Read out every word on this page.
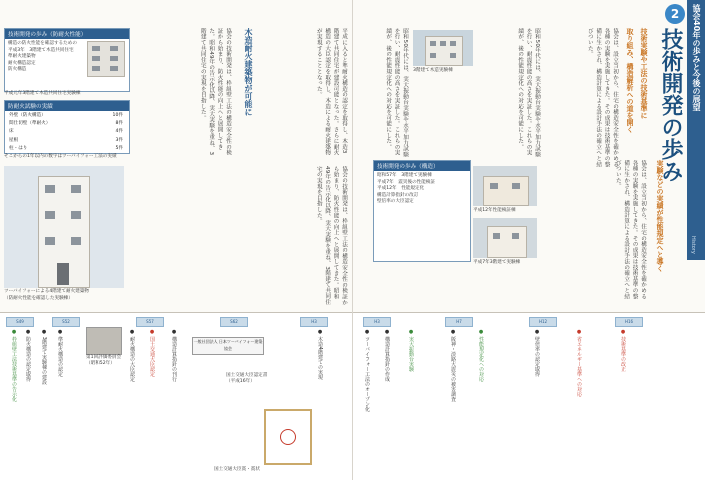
技術開発の歩み（防耐火性能）
構造の防火性能を確認するための
平成3年　3階建て木造共同住宅
準耐火建築物
耐火構造認定
防火構造
平成元年3階建て木造共同住宅実験棟
防耐火試験の実績
外壁（防火構造）	10件
間仕切壁（準耐火）	8件
床	4件
屋根	3件
柱・はり	5件
そこからの1年以内の数字はツーバイフォー工法の実績
協会の技術開発は、枠組壁工法の構造安全性の検証から始まり、防火性能の向上へと展開してきた。昭和49年の告示化以降、実大実験を重ね、3階建て共同住宅の実現を目指した。	木造耐火建築物が可能に	平成に入ると準耐火構造の認定を取得し、木造3階建て共同住宅が建設可能となった。さらに耐火構造の大臣認定を取得し、木造による耐火建築物が実現することとなった。
ツーバイフォーによる4階建て耐火建築物
（防耐火性能を確認した実験棟）	協会の技術開発は、枠組壁工法の構造安全性の検証から始まり、防火性能の向上へと展開してきた。昭和49年の告示化以降、実大実験を重ね、3階建て共同住宅の実現を目指した。
S49	S52	S57	S62	H3
● 枠組壁工法技術基準の告示化 ● 防火構造の認定取得 ● 3階建て実験棟の建設 ● 準耐火構造の認定	第1回評価委員会
（昭和52年）	● 耐火構造の大臣認定	● 国土交通大臣認定	● 構造計算指針の刊行	一般社団法人 日本ツーバイフォー建築協会
国土交通大臣認定書
（平成16年）
国土交通大臣賞・賞状
● 木造4階建ての実現
協会40年の歩みと今後の展望
History
2
技術開発の歩み
技術実験や工法の技術基準に
取り組み、構造解析への道を開く
協会は、設立当初から、住宅の構造安全性を確かめる各種の実験を実施してきた。その成果は技術基準の整備に生かされ、構造計算による設計手法の確立へと結びついた。
3階建て木造実験棟	昭和50年代には、実大振動台実験や水平加力試験を行い、耐震性能の高さを実証した。これらの実績が、後の性能規定化への対応を可能にした。
昭和50年代には、実大振動台実験や水平加力試験を行い、耐震性能の高さを実証した。これらの実績が、後の性能規定化への対応を可能にした。
実験などの実績が性能規定へと導く
協会は、設立当初から、住宅の構造安全性を確かめる各種の実験を実施してきた。その成果は技術基準の整備に生かされ、構造計算による設計手法の確立へと結びついた。
技術開発の歩み（構造）
昭和57年　3階建て実験棟
平成7年　震災後の性能検証
平成12年　性能規定化
構造計算指針の改訂
壁倍率の大臣認定
平成12年性能検証棟
平成7年3階建て実験棟
H3	H7	H12	H16
● ツーバイフォー工法のオープン化	● 構造計算指針の作成	● 実大振動台実験	● 阪神・淡路大震災の被害調査	● 性能規定化への対応	● 壁倍率の認定取得	● 省エネルギー基準への対応	● 技術基準の改正
